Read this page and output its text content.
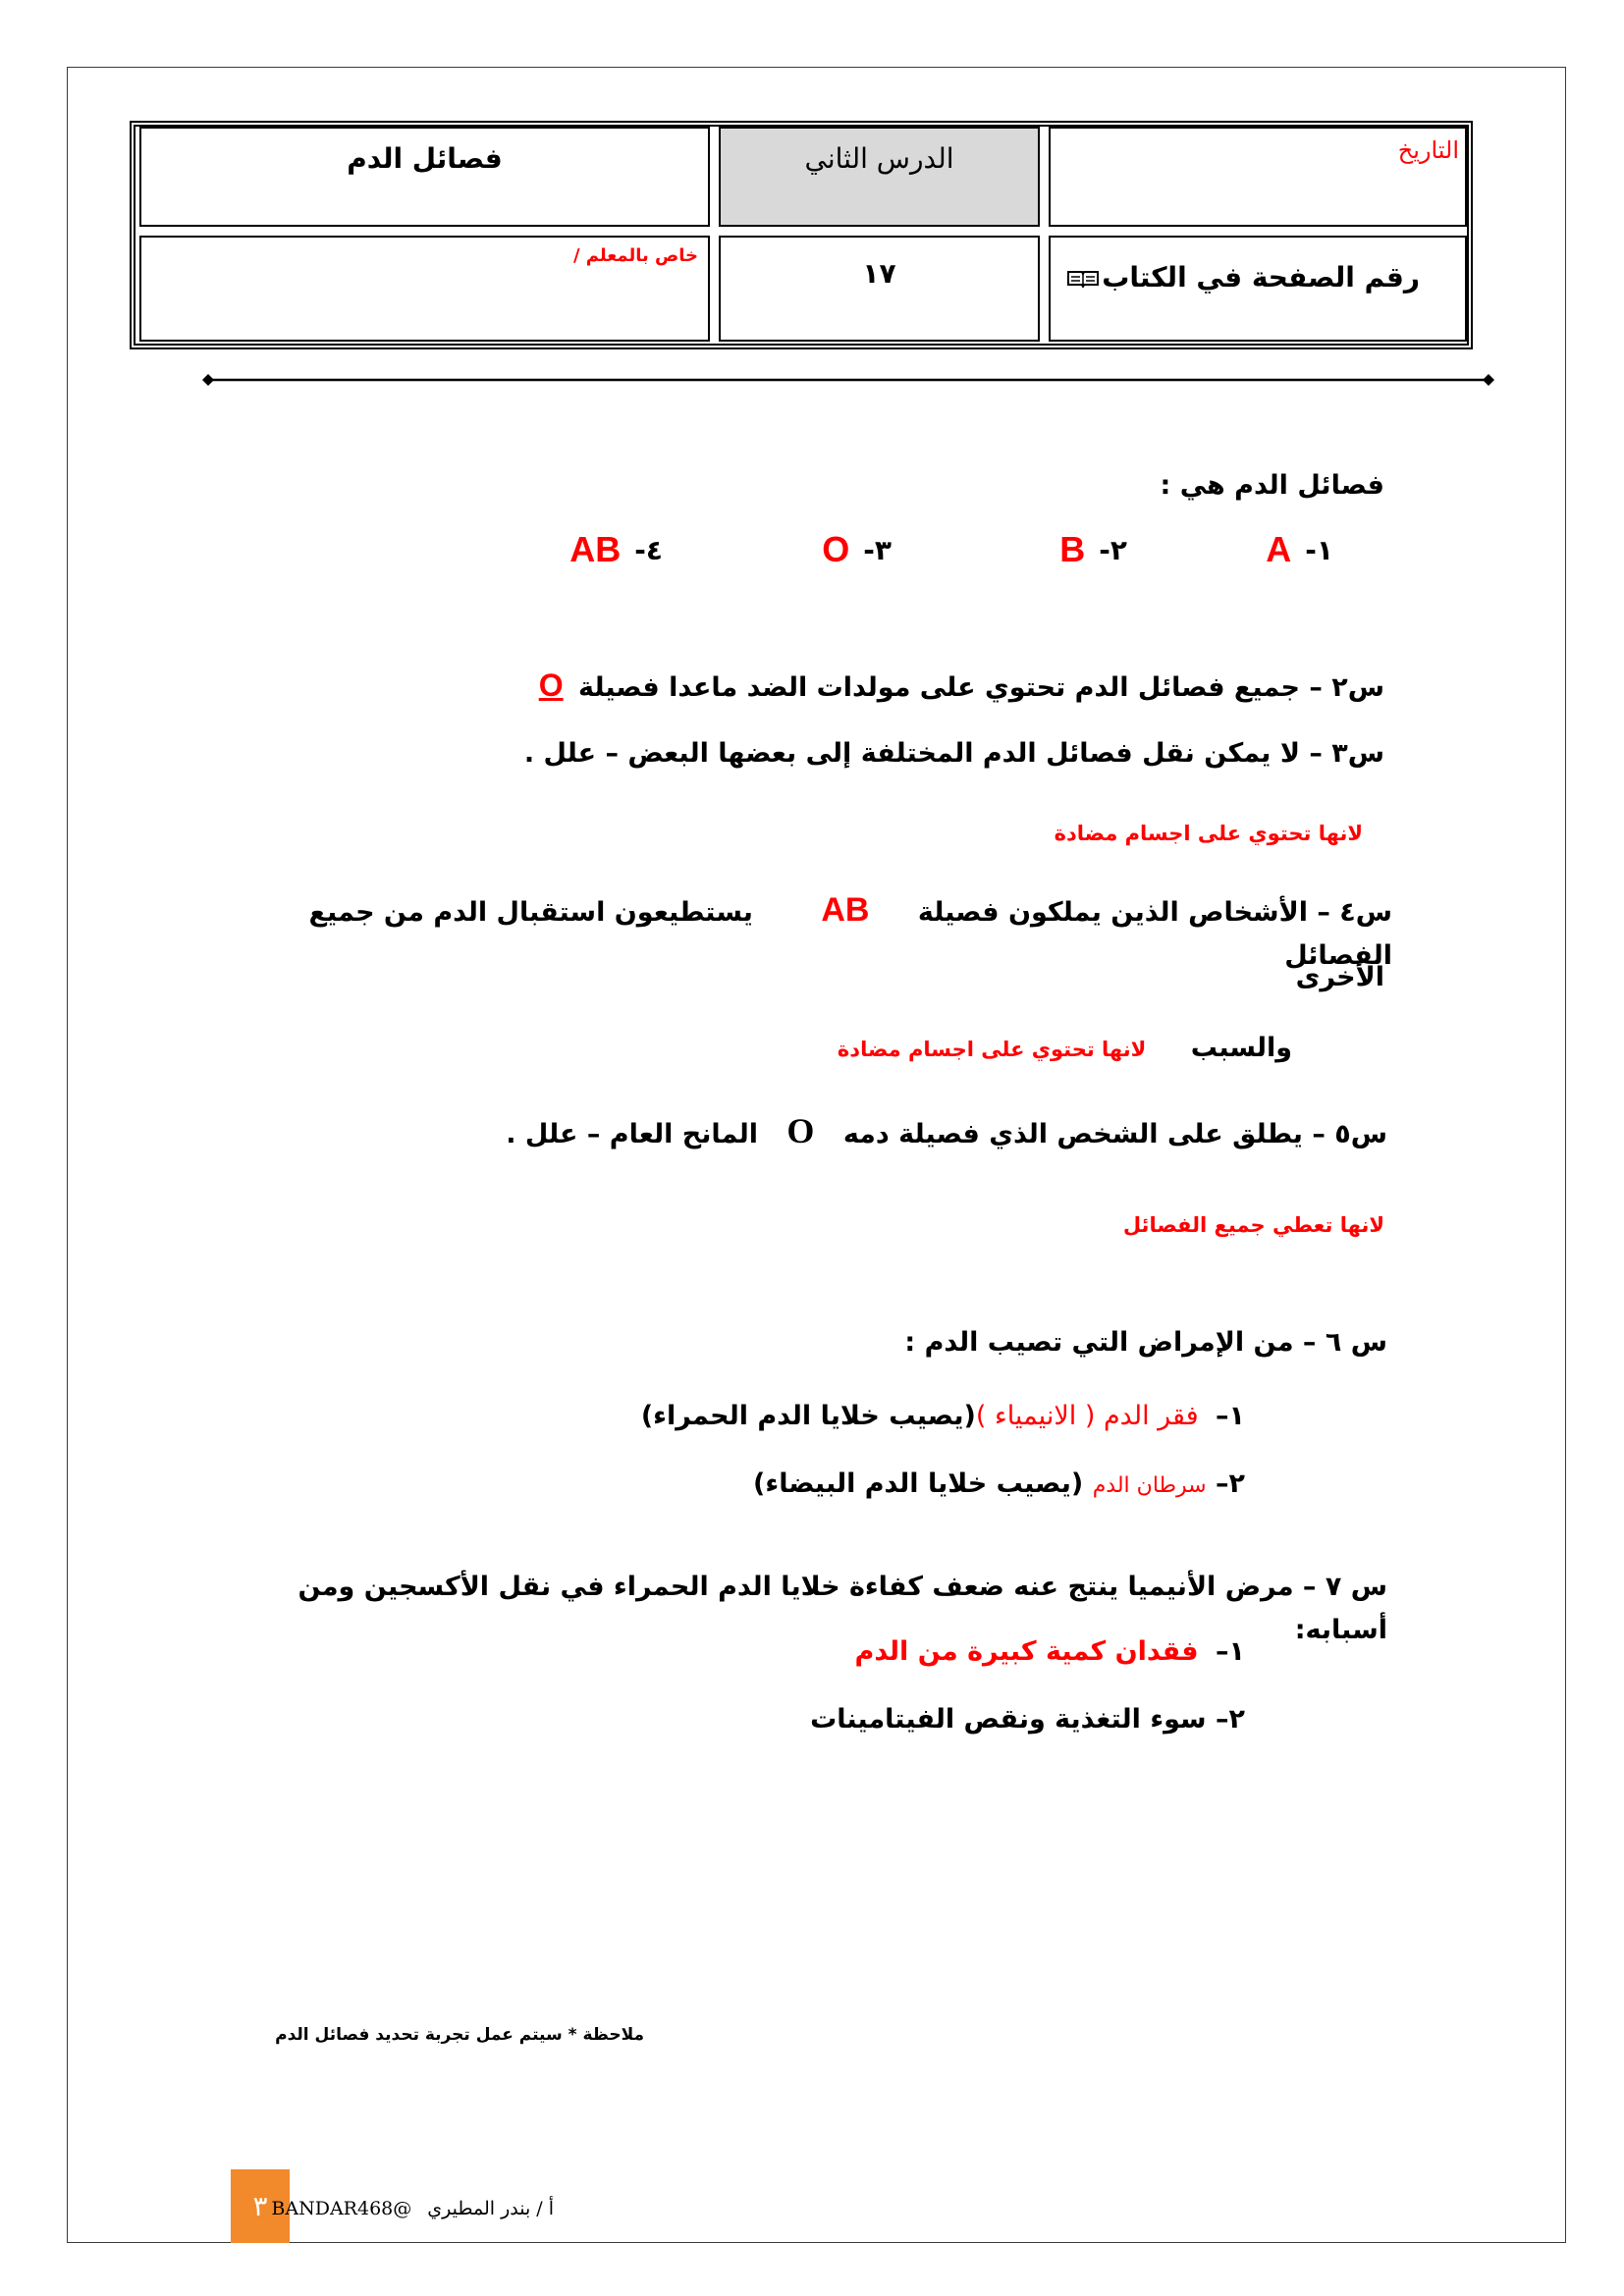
التاريخ
الدرس الثاني
فصائل الدم
رقم الصفحة في الكتاب
١٧
خاص بالمعلم /
فصائل الدم هي :
١-
A
٢-
B
٣-
O
٤-
AB
س٢ – جميع فصائل الدم تحتوي على مولدات الضد ماعدا فصيلة O
س٣ – لا يمكن نقل فصائل الدم المختلفة إلى بعضها البعض – علل .
لانها تحتوي على اجسام مضادة
س٤ – الأشخاص الذين يملكون فصيلة AB يستطيعون استقبال الدم من جميع الفصائل
الأخرى
والسبب لانها تحتوي على اجسام مضادة
س٥ – يطلق على الشخص الذي فصيلة دمه O المانح العام – علل .
لانها تعطي جميع الفصائل
س ٦ – من الإمراض التي تصيب الدم :
١– فقر الدم ( الانيمياء )(يصيب خلايا الدم الحمراء)
٢– سرطان الدم (يصيب خلايا الدم البيضاء)
س ٧ – مرض الأنيميا ينتج عنه ضعف كفاءة خلايا الدم الحمراء في نقل الأكسجين ومن أسبابه:
١– فقدان كمية كبيرة من الدم
٢– سوء التغذية ونقص الفيتامينات
ملاحظة * سيتم عمل تجربة تحديد فصائل الدم
٣	أ / بندر المطيري @BANDAR468
